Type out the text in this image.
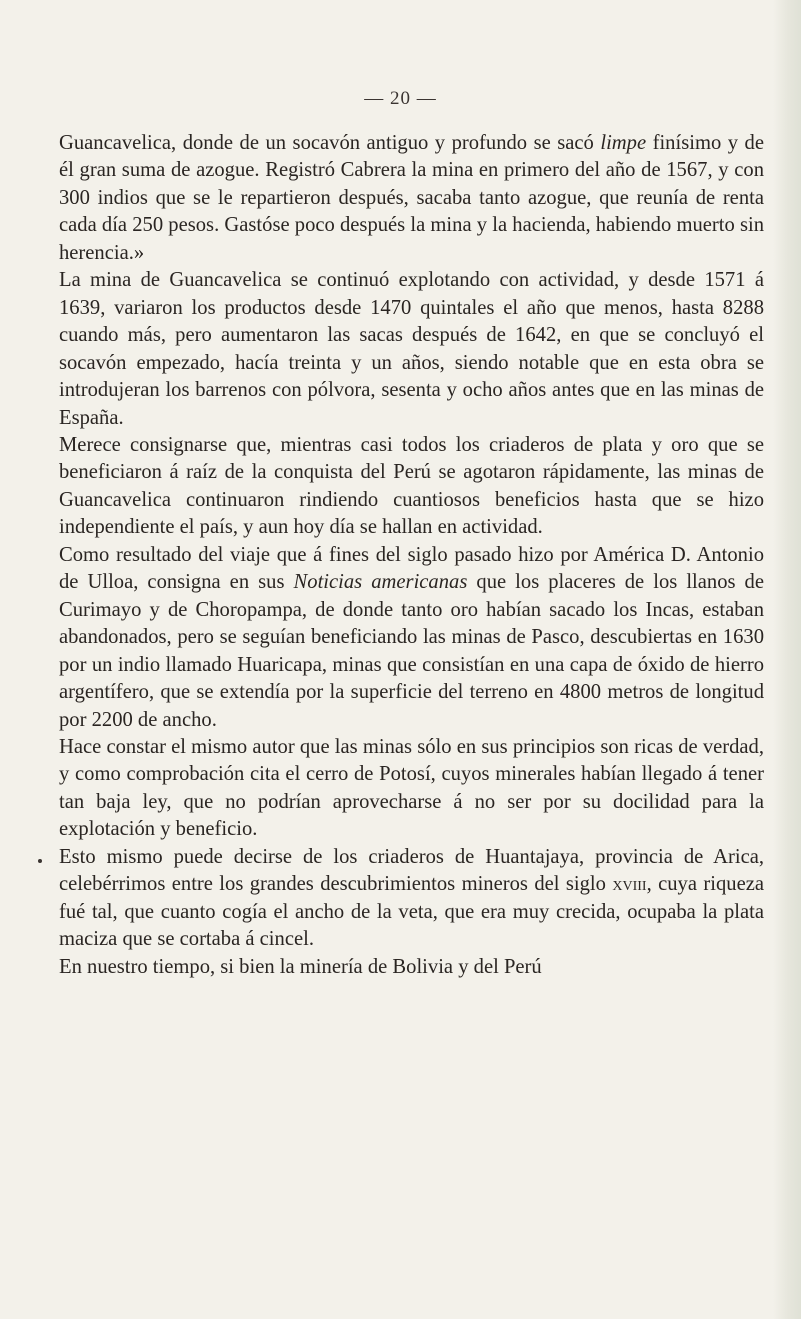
— 20 —

Guancavelica, donde de un socavón antiguo y profundo se sacó limpe finísimo y de él gran suma de azogue. Registró Cabrera la mina en primero del año de 1567, y con 300 indios que se le repartieron después, sacaba tanto azogue, que reunía de renta cada día 250 pesos. Gastóse poco después la mina y la hacienda, habiendo muerto sin herencia.»

La mina de Guancavelica se continuó explotando con actividad, y desde 1571 á 1639, variaron los productos desde 1470 quintales el año que menos, hasta 8288 cuando más, pero aumentaron las sacas después de 1642, en que se concluyó el socavón empezado, hacía treinta y un años, siendo notable que en esta obra se introdujeran los barrenos con pólvora, sesenta y ocho años antes que en las minas de España.

Merece consignarse que, mientras casi todos los criaderos de plata y oro que se beneficiaron á raíz de la conquista del Perú se agotaron rápidamente, las minas de Guancavelica continuaron rindiendo cuantiosos beneficios hasta que se hizo independiente el país, y aun hoy día se hallan en actividad.

Como resultado del viaje que á fines del siglo pasado hizo por América D. Antonio de Ulloa, consigna en sus Noticias americanas que los placeres de los llanos de Curimayo y de Choropampa, de donde tanto oro habían sacado los Incas, estaban abandonados, pero se seguían beneficiando las minas de Pasco, descubiertas en 1630 por un indio llamado Huaricapa, minas que consistían en una capa de óxido de hierro argentífero, que se extendía por la superficie del terreno en 4800 metros de longitud por 2200 de ancho.

Hace constar el mismo autor que las minas sólo en sus principios son ricas de verdad, y como comprobación cita el cerro de Potosí, cuyos minerales habían llegado á tener tan baja ley, que no podrían aprovecharse á no ser por su docilidad para la explotación y beneficio.

Esto mismo puede decirse de los criaderos de Huantajaya, provincia de Arica, celebérrimos entre los grandes descubrimientos mineros del siglo xviii, cuya riqueza fué tal, que cuanto cogía el ancho de la veta, que era muy crecida, ocupaba la plata maciza que se cortaba á cincel.

En nuestro tiempo, si bien la minería de Bolivia y del Perú
